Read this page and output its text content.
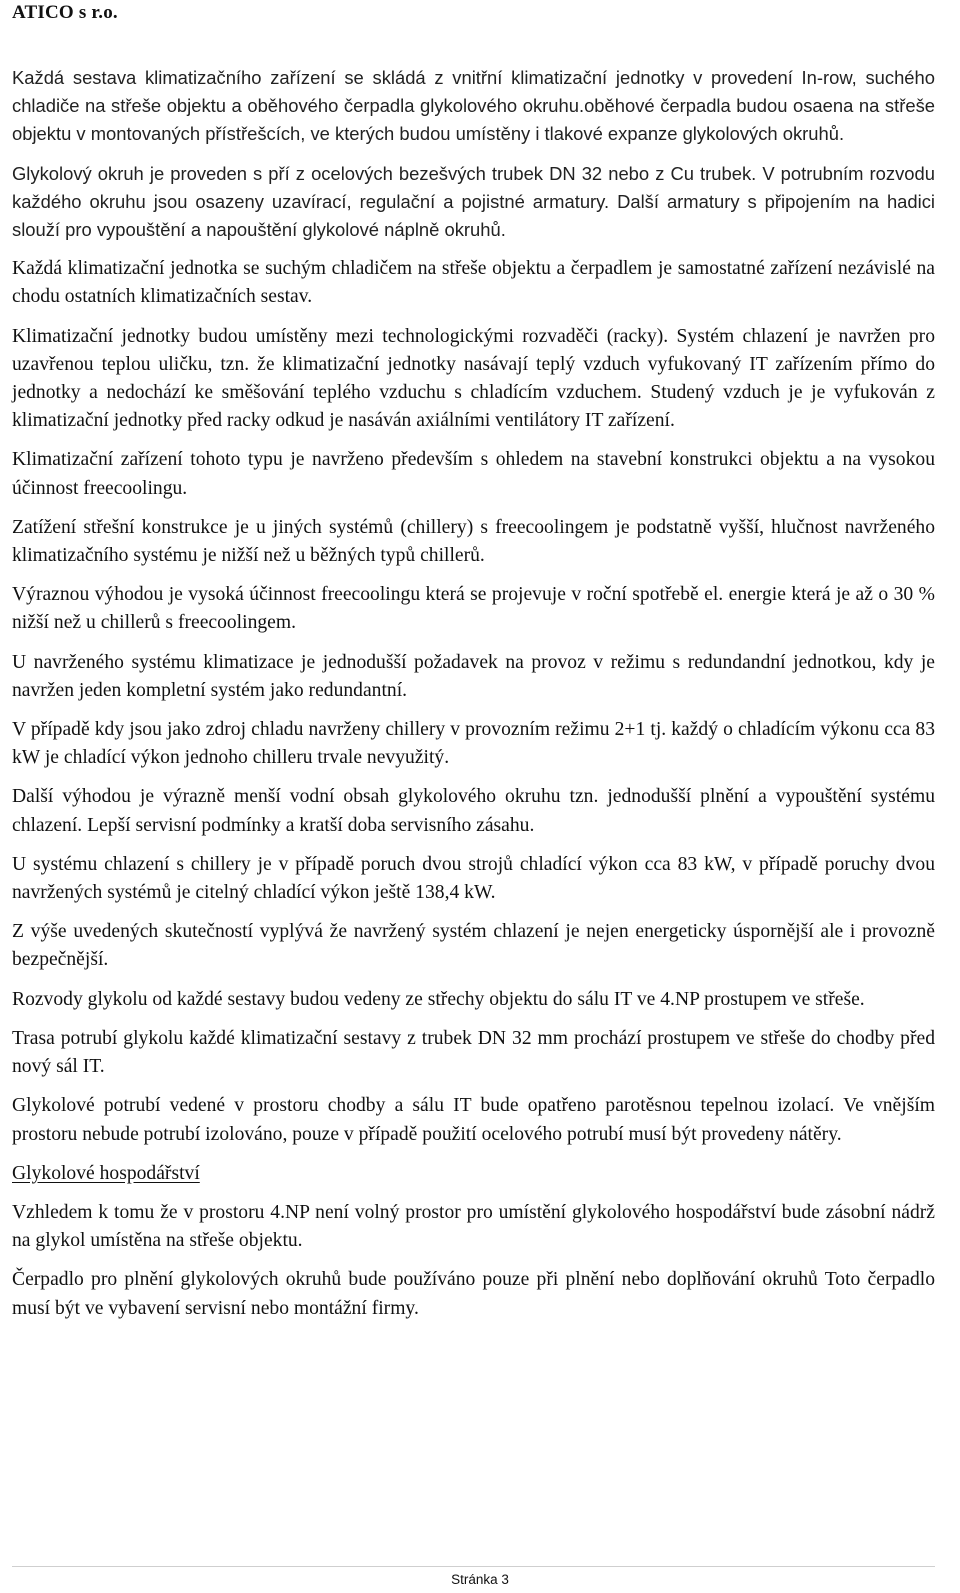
ATICO s r.o.

Každá sestava klimatizačního zařízení se skládá z vnitřní klimatizační jednotky v provedení In-row, suchého chladiče na střeše objektu a oběhového čerpadla glykolového okruhu.oběhové čerpadla budou osaena na střeše objektu v montovaných přístřešcích, ve kterých budou umístěny i tlakové expanze glykolových okruhů.

Glykolový okruh je proveden s pří z ocelových bezešvých trubek DN 32 nebo z Cu trubek. V potrubním rozvodu každého okruhu jsou osazeny uzavírací, regulační a pojistné armatury. Další armatury s připojením na hadici slouží pro vypouštění a napouštění glykolové náplně okruhů.

Každá klimatizační jednotka se suchým chladičem na střeše objektu a čerpadlem je samostatné zařízení nezávislé na chodu ostatních klimatizačních sestav.

Klimatizační jednotky budou umístěny mezi technologickými rozvaděči (racky). Systém chlazení je navržen pro uzavřenou teplou uličku, tzn. že klimatizační jednotky nasávají teplý vzduch vyfukovaný IT zařízením přímo do jednotky a nedochází ke směšování teplého vzduchu s chladícím vzduchem. Studený vzduch je je vyfukován z klimatizační jednotky před racky odkud je nasáván axiálními ventilátory IT zařízení.

Klimatizační zařízení tohoto typu je navrženo především s ohledem na stavební konstrukci objektu a na vysokou účinnost freecoolingu.

Zatížení střešní konstrukce je u jiných systémů (chillery) s freecoolingem je podstatně vyšší, hlučnost navrženého klimatizačního systému je nižší než u běžných typů chillerů.

Výraznou výhodou je vysoká účinnost freecoolingu která se projevuje v roční spotřebě el. energie která je až o 30 % nižší než u chillerů s freecoolingem.

U navrženého systému klimatizace je jednodušší požadavek na provoz v režimu s redundandní jednotkou, kdy je navržen jeden kompletní systém jako redundantní.

V případě kdy jsou jako zdroj chladu navrženy chillery v provozním režimu 2+1 tj. každý o chladícím výkonu cca 83 kW je chladící výkon jednoho chilleru trvale nevyužitý.

Další výhodou je výrazně menší vodní obsah glykolového okruhu tzn. jednodušší plnění a vypouštění systému chlazení. Lepší servisní podmínky a kratší doba servisního zásahu.

U systému chlazení s chillery je v případě poruch dvou strojů chladící výkon cca 83 kW, v případě poruchy dvou navržených systémů je citelný chladící výkon ještě 138,4 kW.

Z výše uvedených skutečností vyplývá že navržený systém chlazení je nejen energeticky úspornější ale i provozně bezpečnější.

Rozvody glykolu od každé sestavy budou vedeny ze střechy objektu do sálu IT ve 4.NP prostupem ve střeše.

Trasa potrubí glykolu každé klimatizační sestavy z trubek DN 32 mm prochází prostupem ve střeše do chodby před nový sál IT.

Glykolové potrubí vedené v prostoru chodby a sálu IT bude opatřeno parotěsnou tepelnou izolací. Ve vnějším prostoru nebude potrubí izolováno, pouze v případě použití ocelového potrubí musí být provedeny nátěry.

Glykolové hospodářství

Vzhledem k tomu že v prostoru 4.NP není volný prostor pro umístění glykolového hospodářství bude zásobní nádrž na glykol umístěna na střeše objektu.

Čerpadlo pro plnění glykolových okruhů bude používáno pouze při plnění nebo doplňování okruhů Toto čerpadlo musí být ve vybavení servisní nebo montážní firmy.

Stránka 3
